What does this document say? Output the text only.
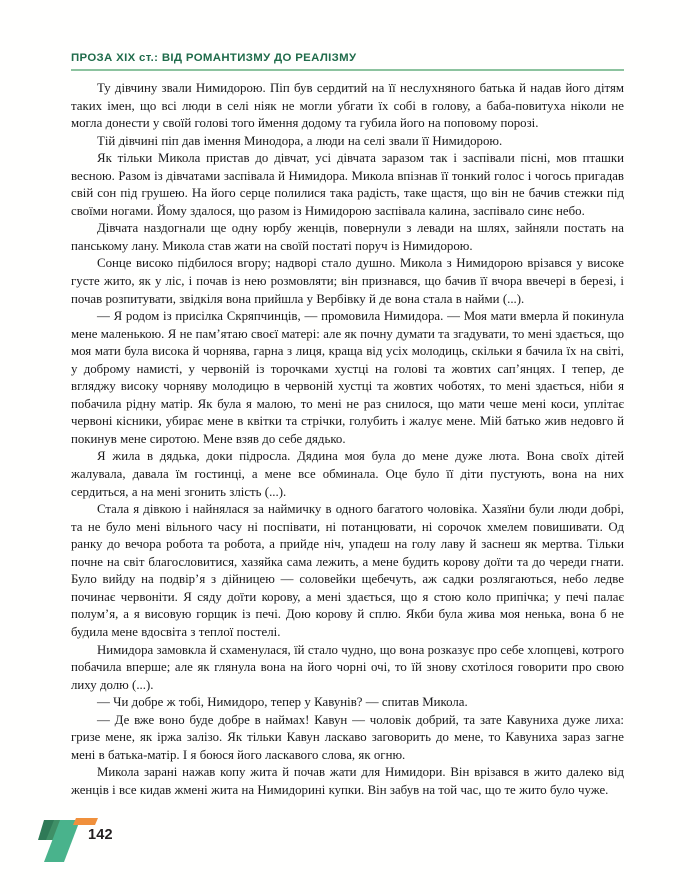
ПРОЗА XIX ст.: ВІД РОМАНТИЗМУ ДО РЕАЛІЗМУ

Ту дівчину звали Нимидорою. Піп був сердитий на її неслухняного батька й надав його дітям таких імен, що всі люди в селі ніяк не могли убгати їх собі в голову, а баба-повитуха ніколи не могла донести у своїй голові того ймення додому та губила його на поповому порозі.

Тій дівчині піп дав імення Минодора, а люди на селі звали її Нимидорою.

Як тільки Микола пристав до дівчат, усі дівчата заразом так і заспівали пісні, мов пташки весною. Разом із дівчатами заспівала й Нимидора. Микола впізнав її тонкий голос і чогось пригадав свій сон під грушею. На його серце полилися така радість, таке щастя, що він не бачив стежки під своїми ногами. Йому здалося, що разом із Нимидорою заспівала калина, заспівало синє небо.

Дівчата наздогнали ще одну юрбу женців, повернули з левади на шлях, зайняли постать на панському лану. Микола став жати на своїй постаті поруч із Нимидорою.

Сонце високо підбилося вгору; надворі стало душно. Микола з Нимидорою врізався у високе густе жито, як у ліс, і почав із нею розмовляти; він признався, що бачив її вчора ввечері в березі, і почав розпитувати, звідкіля вона прийшла у Вербівку й де вона стала в найми (...).

— Я родом із присілка Скряпчинців, — промовила Нимидора. — Моя мати вмерла й покинула мене маленькою. Я не пам’ятаю своєї матері: але як почну думати та згадувати, то мені здається, що моя мати була висока й чорнява, гарна з лиця, краща від усіх молодиць, скільки я бачила їх на світі, у доброму намисті, у червоній із торочками хустці на голові та жовтих сап’янцях. І тепер, де вгляджу високу чорняву молодицю в червоній хустці та жовтих чоботях, то мені здається, ніби я побачила рідну матір. Як була я малою, то мені не раз снилося, що мати чеше мені коси, уплітає червоні кісники, убирає мене в квітки та стрічки, голубить і жалує мене. Мій батько жив недовго й покинув мене сиротою. Мене взяв до себе дядько.

Я жила в дядька, доки підросла. Дядина моя була до мене дуже люта. Вона своїх дітей жалувала, давала їм гостинці, а мене все обминала. Оце було її діти пустують, вона на них сердиться, а на мені згонить злість (...).

Стала я дівкою і найнялася за наймичку в одного багатого чоловіка. Хазяїни були люди добрі, та не було мені вільного часу ні поспівати, ні потанцювати, ні сорочок хмелем повишивати. Од ранку до вечора робота та робота, а прийде ніч, упадеш на голу лаву й заснеш як мертва. Тільки почне на світ благословитися, хазяйка сама лежить, а мене будить корову доїти та до череди гнати. Було вийду на подвір’я з дійницею — соловейки щебечуть, аж садки розлягаються, небо ледве починає червоніти. Я сяду доїти корову, а мені здається, що я стою коло припічка; у печі палає полум’я, а я висовую горщик із печі. Дою корову й сплю. Якби була жива моя ненька, вона б не будила мене вдосвіта з теплої постелі.

Нимидора замовкла й схаменулася, їй стало чудно, що вона розказує про себе хлопцеві, котрого побачила вперше; але як глянула вона на його чорні очі, то їй знову схотілося говорити про свою лиху долю (...).

— Чи добре ж тобі, Нимидоро, тепер у Кавунів? — спитав Микола.

— Де вже воно буде добре в наймах! Кавун — чоловік добрий, та зате Кавуниха дуже лиха: гризе мене, як іржа залізо. Як тільки Кавун ласкаво заговорить до мене, то Кавуниха зараз загне мені в батька-матір. І я боюся його ласкавого слова, як огню.

Микола зарані нажав копу жита й почав жати для Нимидори. Він врізався в жито далеко від женців і все кидав жмені жита на Нимидорині купки. Він забув на той час, що те жито було чуже.

142
